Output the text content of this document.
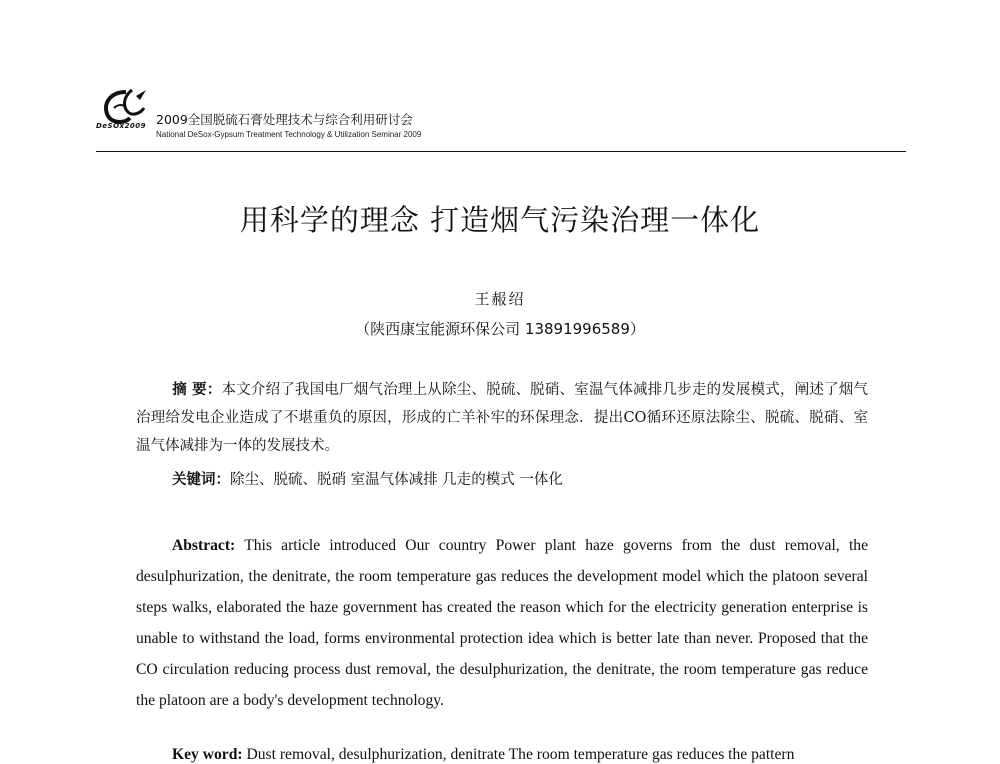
DeSOx2009 2009全国脱硫石膏处理技术与综合利用研讨会
National DeSox-Gypsum Treatment Technology & Utilization Seminar 2009
用科学的理念 打造烟气污染治理一体化
王赧绍
（陕西康宝能源环保公司 13891996589）
摘 要：本文介绍了我国电厂烟气治理上从除尘、脱硫、脱硝、室温气体减排几步走的发展模式，阐述了烟气治理给发电企业造成了不堪重负的原因，形成的亡羊补牢的环保理念．提出CO循环还原法除尘、脱硫、脱硝、室温气体减排为一体的发展技术。
关键词：除尘、脱硫、脱硝 室温气体减排 几走的模式 一体化
Abstract: This article introduced Our country Power plant haze governs from the dust removal, the desulphurization, the denitrate, the room temperature gas reduces the development model which the platoon several steps walks, elaborated the haze government has created the reason which for the electricity generation enterprise is unable to withstand the load, forms environmental protection idea which is better late than never. Proposed that the CO circulation reducing process dust removal, the desulphurization, the denitrate, the room temperature gas reduce the platoon are a body's development technology.
Key word: Dust removal, desulphurization, denitrate The room temperature gas reduces the pattern
